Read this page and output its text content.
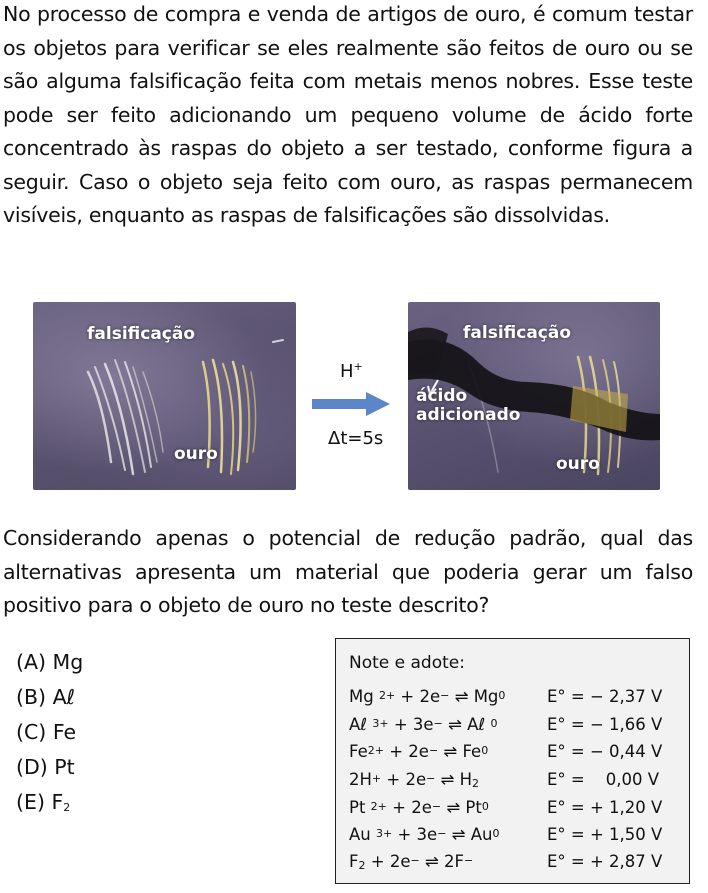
No processo de compra e venda de artigos de ouro, é comum testar os objetos para verificar se eles realmente são feitos de ouro ou se são alguma falsificação feita com metais menos nobres. Esse teste pode ser feito adicionando um pequeno volume de ácido forte concentrado às raspas do objeto a ser testado, conforme figura a seguir. Caso o objeto seja feito com ouro, as raspas permanecem visíveis, enquanto as raspas de falsificações são dissolvidas.

falsificação
ouro
H+
Δt=5s
falsificação
ácido adicionado
ouro

Considerando apenas o potencial de redução padrão, qual das alternativas apresenta um material que poderia gerar um falso positivo para o objeto de ouro no teste descrito?

(A) Mg
(B) Aℓ
(C) Fe
(D) Pt
(E) $F_2$
Note e adote:
Mg $^{2+}$ + 2e− ⇌ Mg$^0$	E° = − 2,37 V
Aℓ $^{3+}$ + 3e− ⇌ Aℓ $^0$	E° = − 1,66 V
$Fe^{2+} + 2e^-$ ⇌ Fe$^0$	E° = − 0,44 V
2H+ + 2e− ⇌ $H_2$	E° =    0,00 V
Pt $^{2+}$ + 2e− ⇌ Pt$^0$	E° = + 1,20 V
Au $^{3+}$ + 3e− ⇌ Au$^0$	E° = + 1,50 V
$F_2 + 2e^-$ ⇌ 2F−	E° = + 2,87 V
